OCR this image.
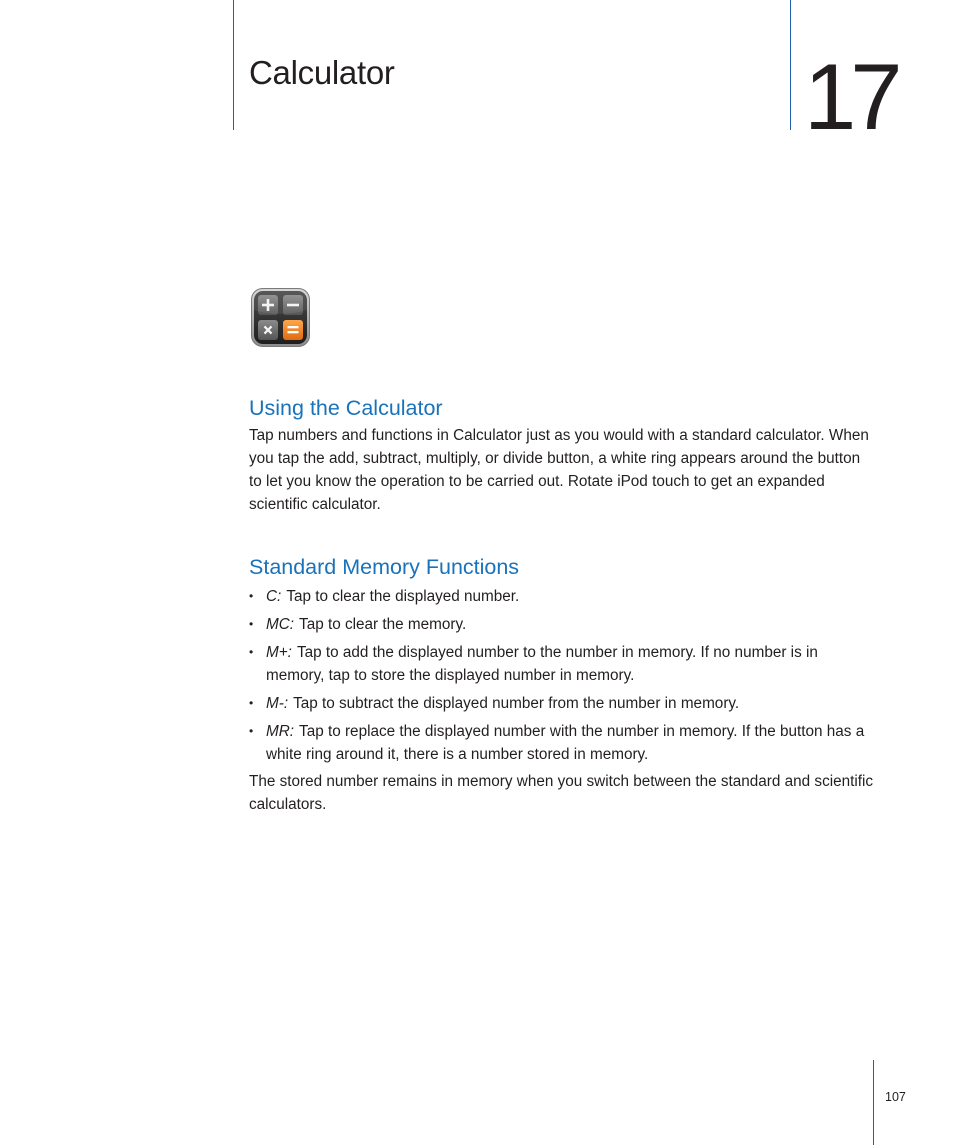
Calculator	17
Using the Calculator

Tap numbers and functions in Calculator just as you would with a standard calculator. When you tap the add, subtract, multiply, or divide button, a white ring appears around the button to let you know the operation to be carried out. Rotate iPod touch to get an expanded scientific calculator.

Standard Memory Functions
• C: Tap to clear the displayed number.
• MC: Tap to clear the memory.
• M+: Tap to add the displayed number to the number in memory. If no number is in memory, tap to store the displayed number in memory.
• M-: Tap to subtract the displayed number from the number in memory.
• MR: Tap to replace the displayed number with the number in memory. If the button has a white ring around it, there is a number stored in memory.

The stored number remains in memory when you switch between the standard and scientific calculators.

107
